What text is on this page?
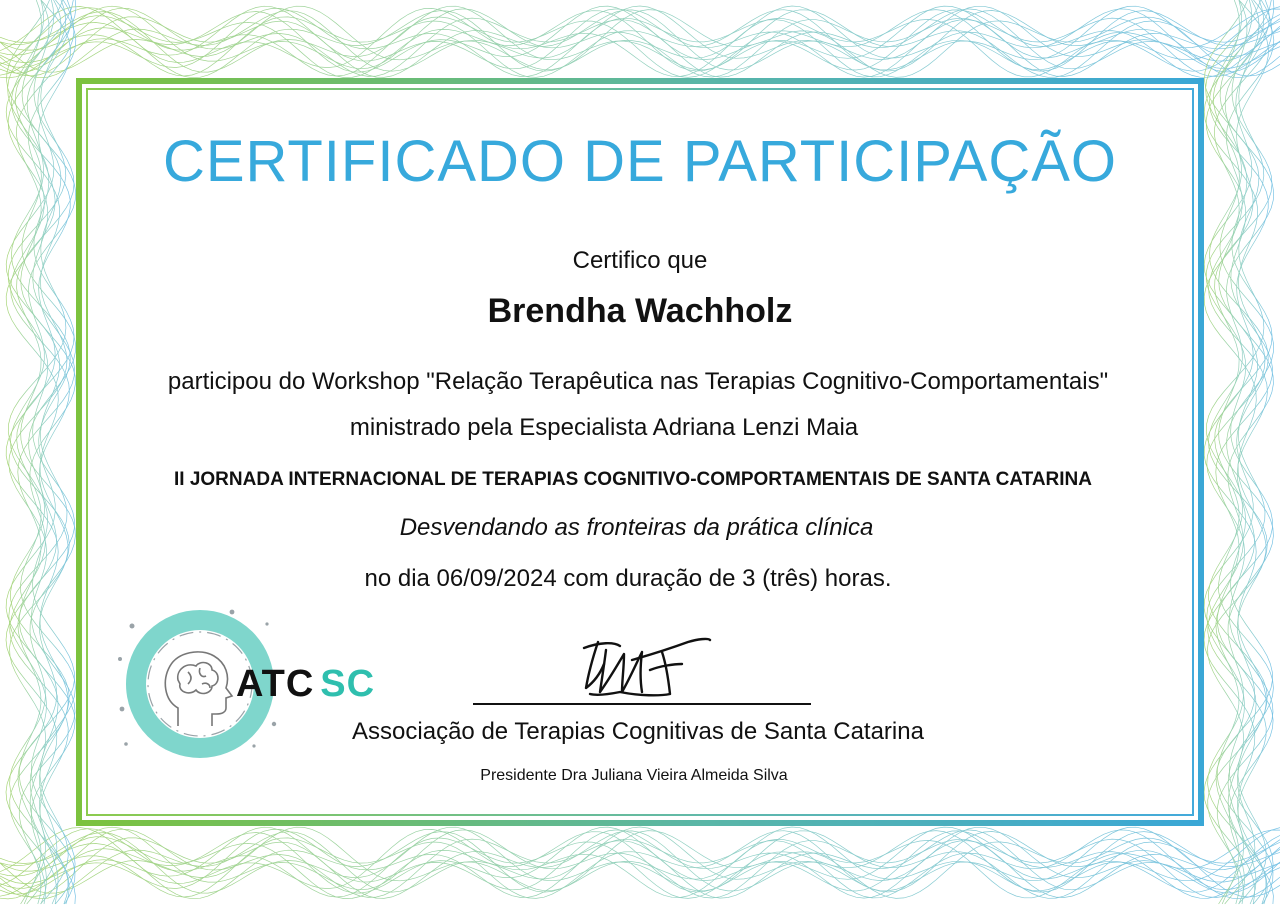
CERTIFICADO DE PARTICIPAÇÃO
Certifico que
Brendha Wachholz
participou do Workshop "Relação Terapêutica nas Terapias Cognitivo-Comportamentais"
ministrado pela Especialista Adriana Lenzi Maia
II JORNADA INTERNACIONAL DE TERAPIAS COGNITIVO-COMPORTAMENTAIS DE SANTA CATARINA
Desvendando as fronteiras da prática clínica
no dia 06/09/2024 com duração de 3 (três) horas.
ATC SC
Associação de Terapias Cognitivas de Santa Catarina
Presidente Dra Juliana Vieira Almeida Silva
